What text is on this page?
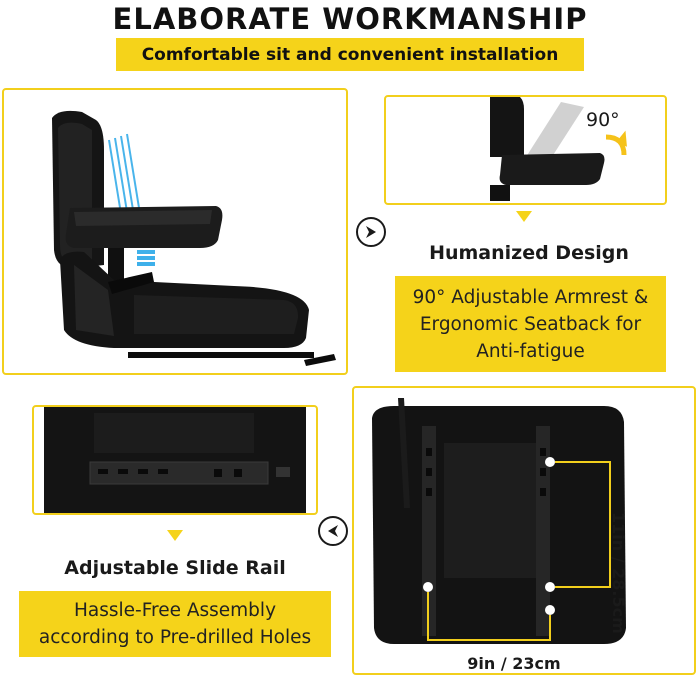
ELABORATE WORKMANSHIP
Comfortable sit and convenient installation
90°
Humanized Design
90° Adjustable Armrest &
Ergonomic Seatback for
Anti-fatigue
Adjustable Slide Rail
Hassle-Free Assembly
according to Pre-drilled Holes
11in / 28.5cm
9in / 23cm
